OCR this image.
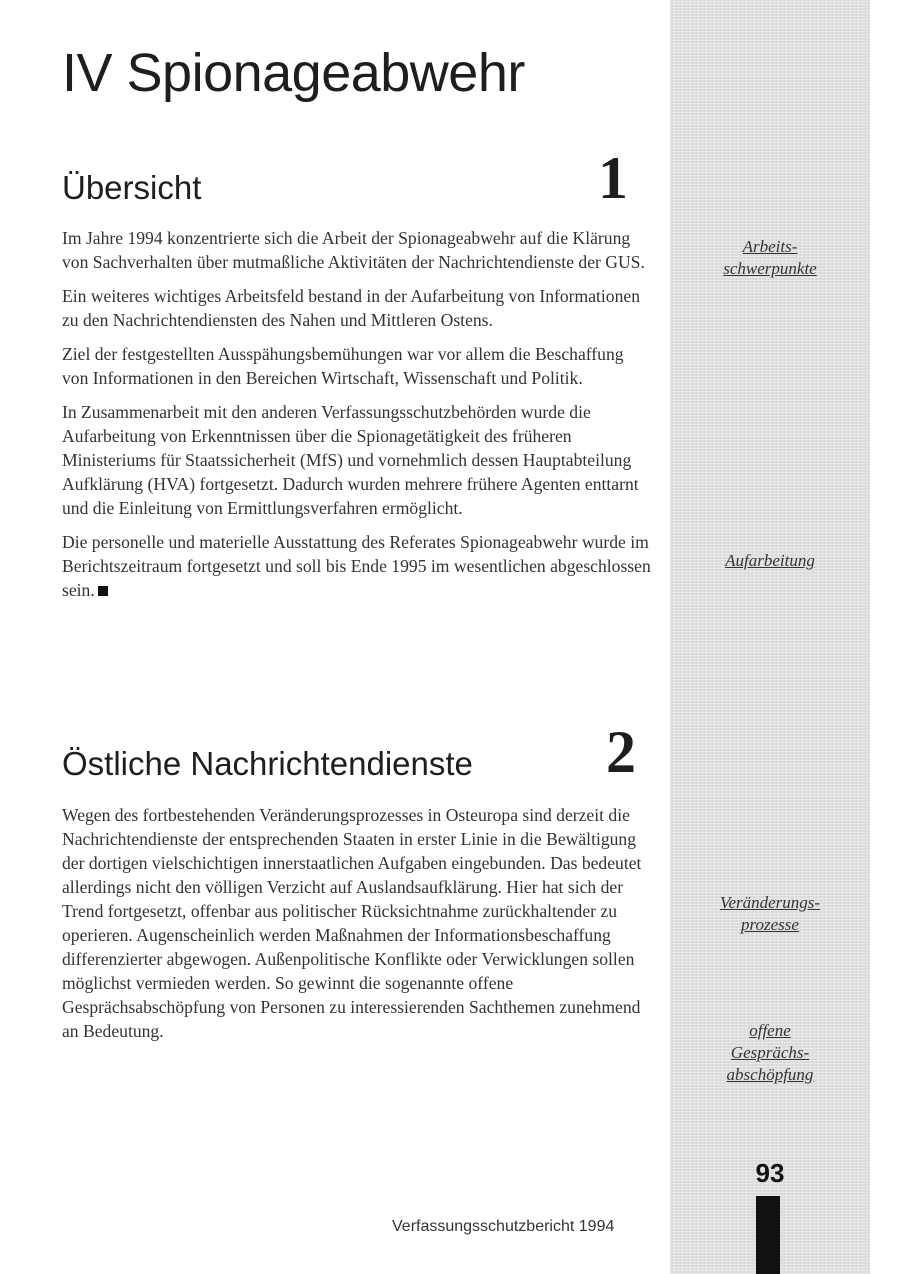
IV Spionageabwehr
Übersicht	1

Im Jahre 1994 konzentrierte sich die Arbeit der Spionageabwehr auf die Klärung von Sachverhalten über mutmaßliche Aktivitäten der Nachrichtendienste der GUS.

Ein weiteres wichtiges Arbeitsfeld bestand in der Aufarbeitung von Informationen zu den Nachrichtendiensten des Nahen und Mittleren Ostens.

Ziel der festgestellten Ausspähungsbemühungen war vor allem die Beschaffung von Informationen in den Bereichen Wirtschaft, Wissenschaft und Politik.

In Zusammenarbeit mit den anderen Verfassungsschutzbehörden wurde die Aufarbeitung von Erkenntnissen über die Spionagetätigkeit des früheren Ministeriums für Staatssicherheit (MfS) und vornehmlich dessen Hauptabteilung Aufklärung (HVA) fortgesetzt. Dadurch wurden mehrere frühere Agenten enttarnt und die Einleitung von Ermittlungsverfahren ermöglicht.

Die personelle und materielle Ausstattung des Referates Spionageabwehr wurde im Berichtszeitraum fortgesetzt und soll bis Ende 1995 im wesentlichen abgeschlossen sein.

Östliche Nachrichtendienste 2

Wegen des fortbestehenden Veränderungsprozesses in Osteuropa sind derzeit die Nachrichtendienste der entsprechenden Staaten in erster Linie in die Bewältigung der dortigen vielschichtigen innerstaatlichen Aufgaben eingebunden. Das bedeutet allerdings nicht den völligen Verzicht auf Auslandsaufklärung. Hier hat sich der Trend fortgesetzt, offenbar aus politischer Rücksichtnahme zurückhaltender zu operieren. Augenscheinlich werden Maßnahmen der Informationsbeschaffung differenzierter abgewogen. Außenpolitische Konflikte oder Verwicklungen sollen möglichst vermieden werden. So gewinnt die sogenannte offene Gesprächsabschöpfung von Personen zu interessierenden Sachthemen zunehmend an Bedeutung.

Arbeits-
schwerpunkte
Aufarbeitung
Veränderungs-
prozesse
offene
Gesprächs-
abschöpfung
93
Verfassungsschutzbericht 1994
